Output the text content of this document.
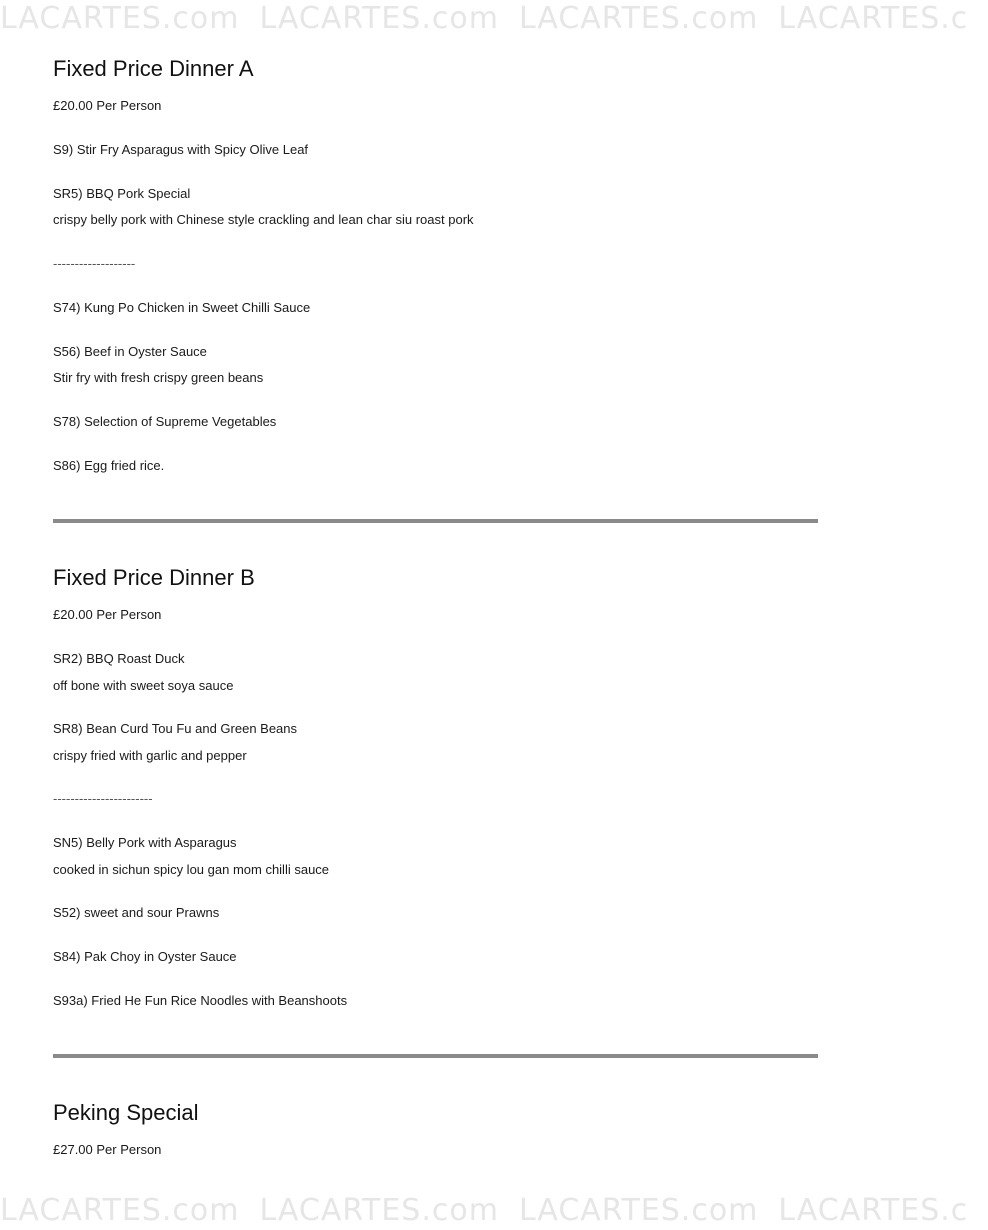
LACARTES.com LACARTES.com LACARTES.com LACARTES.c
Fixed Price Dinner A
£20.00 Per Person
S9) Stir Fry Asparagus with Spicy Olive Leaf
SR5) BBQ Pork Special
crispy belly pork with Chinese style crackling and lean char siu roast pork
-------------------
S74) Kung Po Chicken in Sweet Chilli Sauce
S56) Beef in Oyster Sauce
Stir fry with fresh crispy green beans
S78) Selection of Supreme Vegetables
S86) Egg fried rice.
Fixed Price Dinner B
£20.00 Per Person
SR2) BBQ Roast Duck
off bone with sweet soya sauce
SR8) Bean Curd Tou Fu and Green Beans
crispy fried with garlic and pepper
-----------------------
SN5) Belly Pork with Asparagus
cooked in sichun spicy lou gan mom chilli sauce
S52) sweet and sour Prawns
S84) Pak Choy in Oyster Sauce
S93a) Fried He Fun Rice Noodles with Beanshoots
Peking Special
£27.00 Per Person
LACARTES.com LACARTES.com LACARTES.com LACARTES.c
